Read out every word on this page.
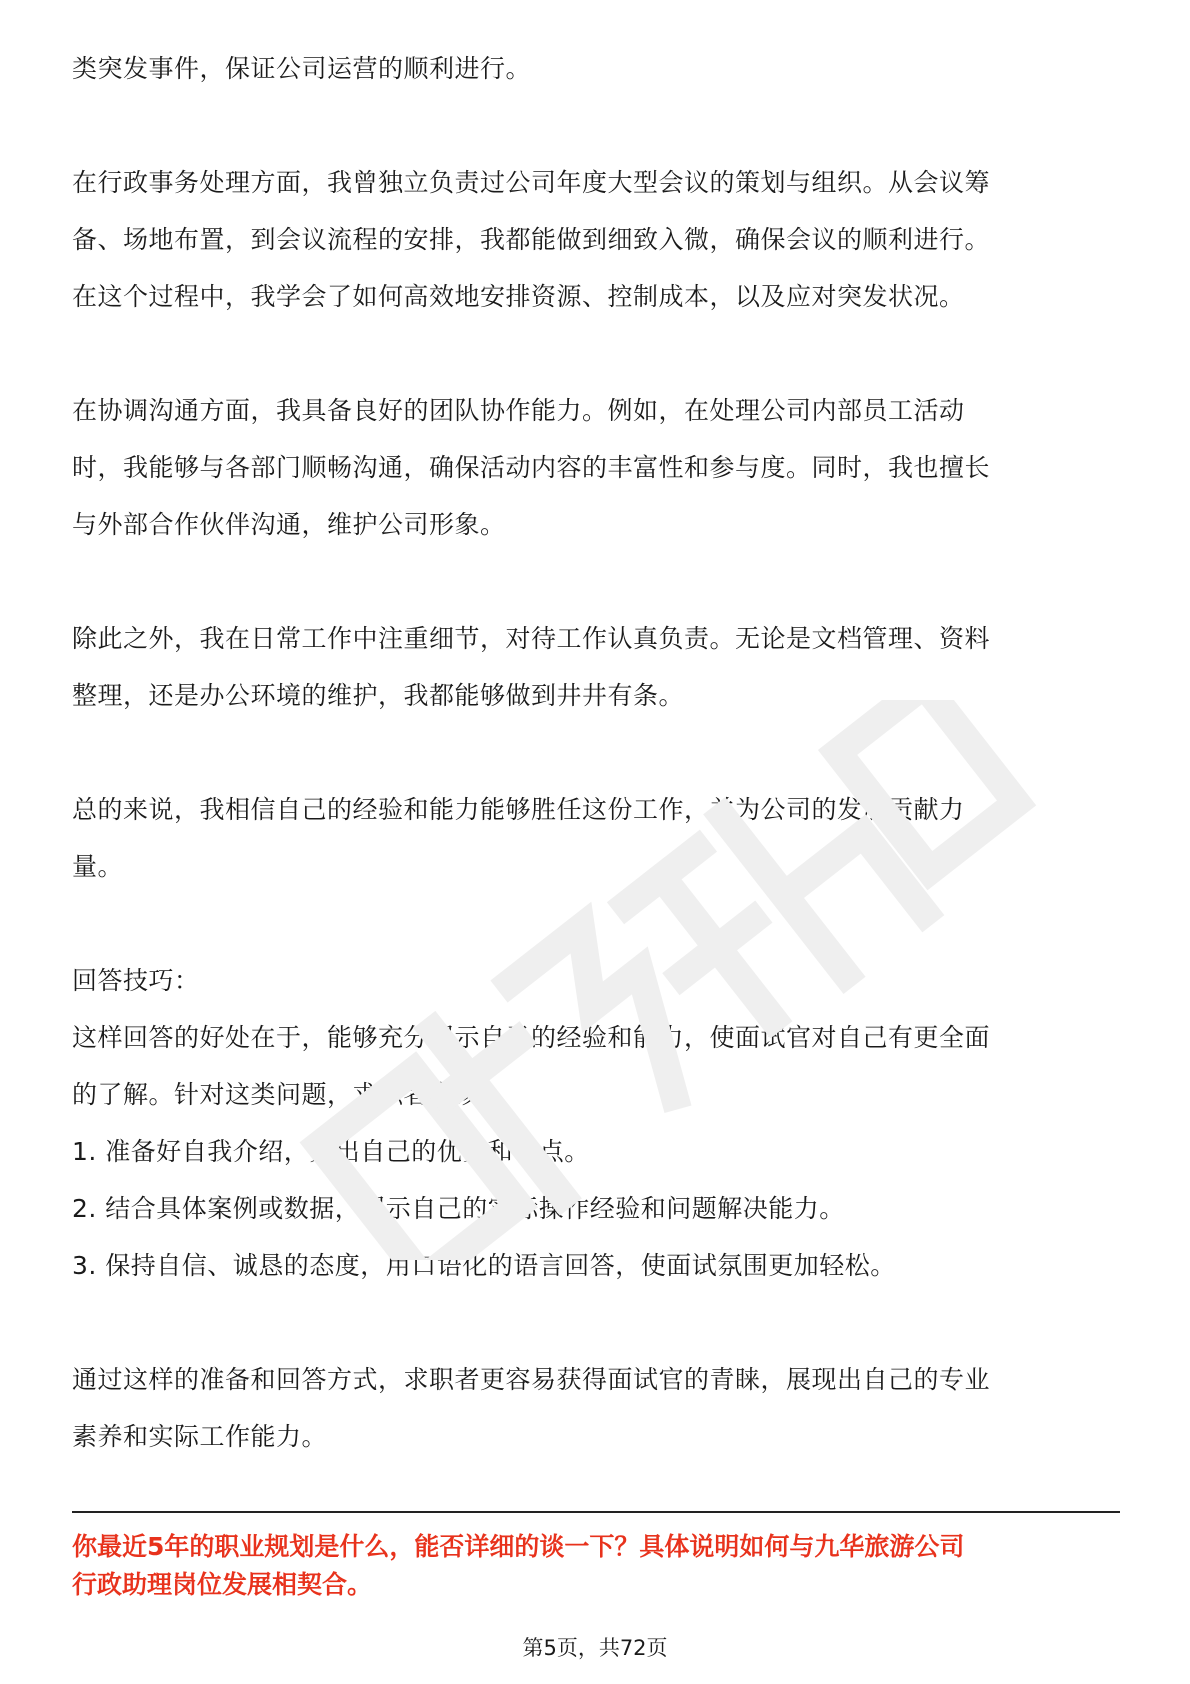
类突发事件，保证公司运营的顺利进行。

在行政事务处理方面，我曾独立负责过公司年度大型会议的策划与组织。从会议筹
备、场地布置，到会议流程的安排，我都能做到细致入微，确保会议的顺利进行。
在这个过程中，我学会了如何高效地安排资源、控制成本，以及应对突发状况。

在协调沟通方面，我具备良好的团队协作能力。例如，在处理公司内部员工活动
时，我能够与各部门顺畅沟通，确保活动内容的丰富性和参与度。同时，我也擅长
与外部合作伙伴沟通，维护公司形象。

除此之外，我在日常工作中注重细节，对待工作认真负责。无论是文档管理、资料
整理，还是办公环境的维护，我都能够做到井井有条。

总的来说，我相信自己的经验和能力能够胜任这份工作，并为公司的发展贡献力
量。

回答技巧：
这样回答的好处在于，能够充分展示自己的经验和能力，使面试官对自己有更全面
的了解。针对这类问题，求职者应该：
1. 准备好自我介绍，突出自己的优势和特点。
2. 结合具体案例或数据，展示自己的实际操作经验和问题解决能力。
3. 保持自信、诚恳的态度，用口语化的语言回答，使面试氛围更加轻松。

通过这样的准备和回答方式，求职者更容易获得面试官的青睐，展现出自己的专业
素养和实际工作能力。

你最近5年的职业规划是什么，能否详细的谈一下？具体说明如何与九华旅游公司
行政助理岗位发展相契合。
第5页，共72页
